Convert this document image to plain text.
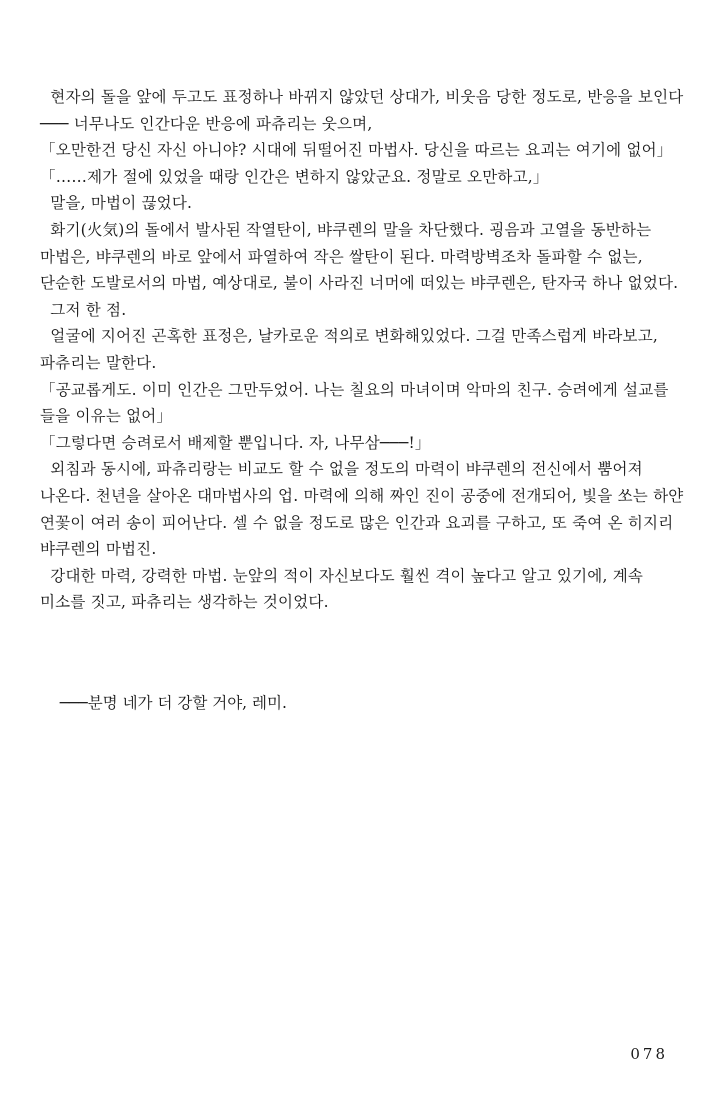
현자의 돌을 앞에 두고도 표정하나 바뀌지 않았던 상대가, 비웃음 당한 정도로, 반응을 보인다─── 너무나도 인간다운 반응에 파츄리는 웃으며,

「오만한건 당신 자신 아니야? 시대에 뒤떨어진 마법사. 당신을 따르는 요괴는 여기에 없어」

「……제가 절에 있었을 때랑 인간은 변하지 않았군요. 정말로 오만하고,」

말을, 마법이 끊었다.

화기(火気)의 돌에서 발사된 작열탄이, 뱌쿠렌의 말을 차단했다. 굉음과 고열을 동반하는 마법은, 뱌쿠렌의 바로 앞에서 파열하여 작은 쌀탄이 된다. 마력방벽조차 돌파할 수 없는, 단순한 도발로서의 마법, 예상대로, 불이 사라진 너머에 떠있는 뱌쿠렌은, 탄자국 하나 없었다.

그저 한 점.

얼굴에 지어진 곤혹한 표정은, 날카로운 적의로 변화해있었다. 그걸 만족스럽게 바라보고, 파츄리는 말한다.

「공교롭게도. 이미 인간은 그만두었어. 나는 칠요의 마녀이며 악마의 친구. 승려에게 설교를 들을 이유는 없어」

「그렇다면 승려로서 배제할 뿐입니다. 자, 나무삼───!」

외침과 동시에, 파츄리랑는 비교도 할 수 없을 정도의 마력이 뱌쿠렌의 전신에서 뿜어져 나온다. 천년을 살아온 대마법사의 업. 마력에 의해 짜인 진이 공중에 전개되어, 빛을 쏘는 하얀 연꽃이 여러 송이 피어난다. 셀 수 없을 정도로 많은 인간과 요괴를 구하고, 또 죽여 온 히지리 뱌쿠렌의 마법진.

강대한 마력, 강력한 마법. 눈앞의 적이 자신보다도 훨씬 격이 높다고 알고 있기에, 계속 미소를 짓고, 파츄리는 생각하는 것이었다.

───분명 네가 더 강할 거야, 레미.

078
